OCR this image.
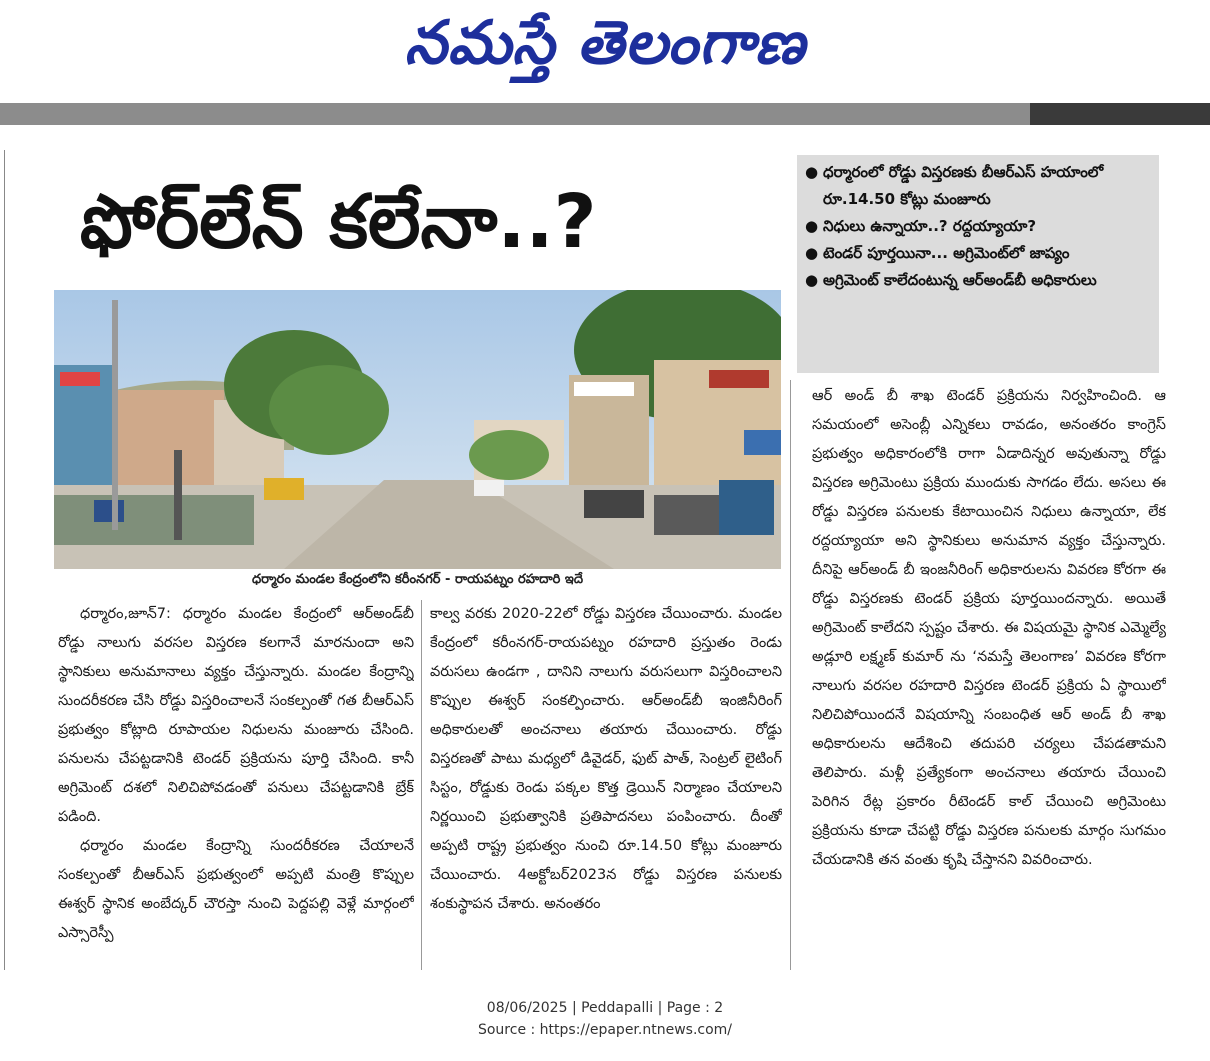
నమస్తే తెలంగాణ
ఫోర్‌లేన్ కలేనా..?
ధర్మారం మండల కేంద్రంలోని కరీంనగర్ - రాయపట్నం రహదారి ఇదే
● ధర్మారంలో రోడ్డు విస్తరణకు బీఆర్ఎస్ హయాంలో రూ.14.50 కోట్లు మంజూరు
● నిధులు ఉన్నాయా..? రద్దయ్యాయా?
● టెండర్ పూర్తయినా... అగ్రిమెంట్‌లో జాప్యం
● అగ్రిమెంట్ కాలేదంటున్న ఆర్‌అండ్‌బీ అధికారులు

ధర్మారం,జూన్7: ధర్మారం మండల కేంద్రంలో ఆర్‌అండ్‌బీ రోడ్డు నాలుగు వరసల విస్తరణ కలగానే మారనుందా అని స్థానికులు అనుమానాలు వ్యక్తం చేస్తున్నారు. మండల కేంద్రాన్ని సుందరీకరణ చేసి రోడ్డు విస్తరించాలనే సంకల్పంతో గత బీఆర్ఎస్ ప్రభుత్వం కోట్లాది రూపాయల నిధులను మంజూరు చేసింది. పనులను చేపట్టడానికి టెండర్ ప్రక్రియను పూర్తి చేసింది. కానీ అగ్రిమెంట్ దశలో నిలిచిపోవడంతో పనులు చేపట్టడానికి బ్రేక్ పడింది.

ధర్మారం మండల కేంద్రాన్ని సుందరీకరణ చేయాలనే సంకల్పంతో బీఆర్ఎస్ ప్రభుత్వంలో అప్పటి మంత్రి కొప్పుల ఈశ్వర్ స్థానిక అంబేద్కర్ చౌరస్తా నుంచి పెద్దపల్లి వెళ్లే మార్గంలో ఎస్సారెస్పీ

కాల్వ వరకు 2020-22లో రోడ్డు విస్తరణ చేయించారు. మండల కేంద్రంలో కరీంనగర్-రాయపట్నం రహదారి ప్రస్తుతం రెండు వరుసలు ఉండగా , దానిని నాలుగు వరుసలుగా విస్తరించాలని కొప్పుల ఈశ్వర్ సంకల్పించారు. ఆర్‌అండ్‌బీ ఇంజినీరింగ్ అధికారులతో అంచనాలు తయారు చేయించారు. రోడ్డు విస్తరణతో పాటు మధ్యలో డివైడర్, ఫుట్ పాత్, సెంట్రల్ లైటింగ్ సిస్టం, రోడ్డుకు రెండు పక్కల కొత్త డ్రెయిన్ నిర్మాణం చేయాలని నిర్ణయించి ప్రభుత్వానికి ప్రతిపాదనలు పంపించారు. దీంతో అప్పటి రాష్ట్ర ప్రభుత్వం నుంచి రూ.14.50 కోట్లు మంజూరు చేయించారు. 4అక్టోబర్2023న రోడ్డు విస్తరణ పనులకు శంకుస్థాపన చేశారు. అనంతరం

ఆర్ అండ్ బీ శాఖ టెండర్ ప్రక్రియను నిర్వహించింది. ఆ సమయంలో అసెంబ్లీ ఎన్నికలు రావడం, అనంతరం కాంగ్రెస్ ప్రభుత్వం అధికారంలోకి రాగా ఏడాదిన్నర అవుతున్నా రోడ్డు విస్తరణ అగ్రిమెంటు ప్రక్రియ ముందుకు సాగడం లేదు. అసలు ఈ రోడ్డు విస్తరణ పనులకు కేటాయించిన నిధులు ఉన్నాయా, లేక రద్దయ్యాయా అని స్థానికులు అనుమాన వ్యక్తం చేస్తున్నారు. దీనిపై ఆర్‌అండ్ బీ ఇంజనీరింగ్ అధికారులను వివరణ కోరగా ఈ రోడ్డు విస్తరణకు టెండర్ ప్రక్రియ పూర్తయిందన్నారు. అయితే అగ్రిమెంట్ కాలేదని స్పష్టం చేశారు. ఈ విషయమై స్థానిక ఎమ్మెల్యే అడ్లూరి లక్ష్మణ్ కుమార్ ను ‘నమస్తే తెలంగాణ’ వివరణ కోరగా నాలుగు వరసల రహదారి విస్తరణ టెండర్ ప్రక్రియ ఏ స్థాయిలో నిలిచిపోయిందనే విషయాన్ని సంబంధిత ఆర్ అండ్ బీ శాఖ అధికారులను ఆదేశించి తదుపరి చర్యలు చేపడతామని తెలిపారు. మళ్లీ ప్రత్యేకంగా అంచనాలు తయారు చేయించి పెరిగిన రేట్ల ప్రకారం రీటెండర్ కాల్ చేయించి అగ్రిమెంటు ప్రక్రియను కూడా చేపట్టి రోడ్డు విస్తరణ పనులకు మార్గం సుగమం చేయడానికి తన వంతు కృషి చేస్తానని వివరించారు.

08/06/2025 | Peddapalli | Page : 2
Source : https://epaper.ntnews.com/
